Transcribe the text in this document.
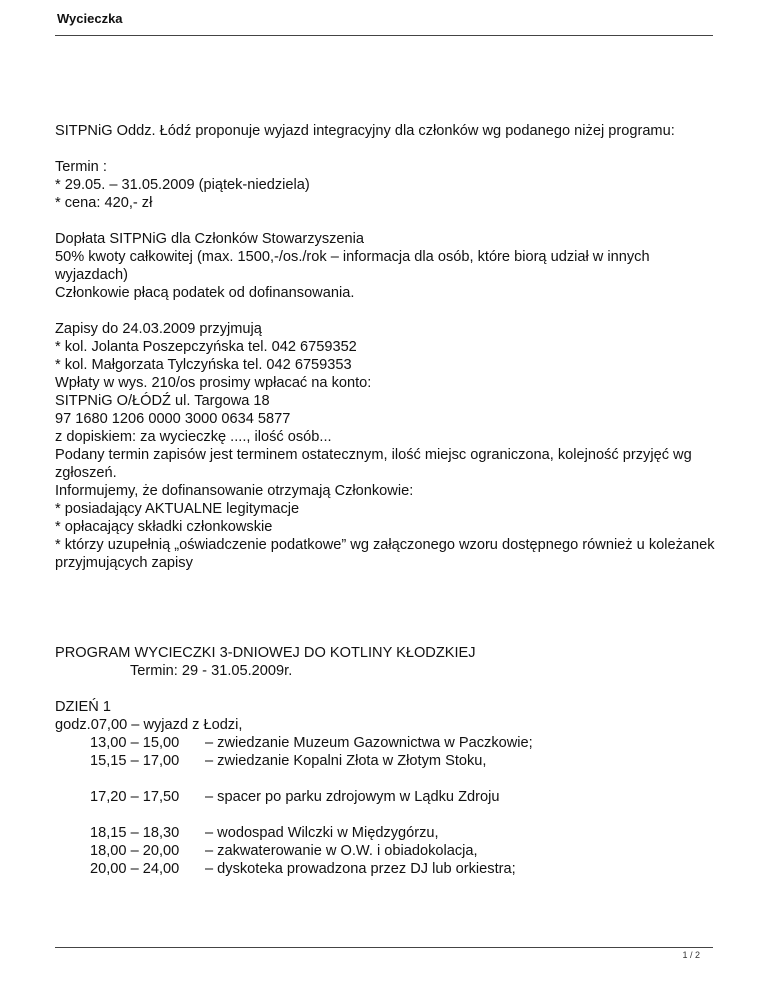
Wycieczka

SITPNiG Oddz. Łódź proponuje wyjazd integracyjny dla członków wg podanego niżej programu:

Termin :
* 29.05. – 31.05.2009 (piątek-niedziela)
* cena: 420,- zł
Dopłata SITPNiG dla Członków Stowarzyszenia
50% kwoty całkowitej (max. 1500,-/os./rok – informacja dla osób, które biorą udział w innych wyjazdach)
Członkowie płacą podatek od dofinansowania.
Zapisy do 24.03.2009 przyjmują
* kol. Jolanta Poszepczyńska tel. 042 6759352
* kol. Małgorzata Tylczyńska tel. 042 6759353
Wpłaty w wys. 210/os prosimy wpłacać na konto:
SITPNiG O/ŁÓDŹ ul. Targowa 18
97 1680 1206 0000 3000 0634 5877
z dopiskiem: za wycieczkę ...., ilość osób...
Podany termin zapisów jest terminem ostatecznym, ilość miejsc ograniczona, kolejność przyjęć wg zgłoszeń.
Informujemy, że dofinansowanie otrzymają Członkowie:
* posiadający AKTUALNE legitymacje
* opłacający składki członkowskie
* którzy uzupełnią „oświadczenie podatkowe” wg załączonego wzoru dostępnego również u koleżanek przyjmujących zapisy
PROGRAM WYCIECZKI 3-DNIOWEJ DO KOTLINY KŁODZKIEJ
Termin: 29 - 31.05.2009r.
DZIEŃ 1
godz.07,00 – wyjazd z Łodzi,
13,00 – 15,00	– zwiedzanie Muzeum Gazownictwa w Paczkowie;
15,15 – 17,00	– zwiedzanie Kopalni Złota w Złotym Stoku,
17,20 – 17,50	– spacer po parku zdrojowym w Lądku Zdroju
18,15 – 18,30	– wodospad Wilczki w Międzygórzu,
18,00 – 20,00	– zakwaterowanie w O.W. i obiadokolacja,
20,00 – 24,00	– dyskoteka prowadzona przez DJ lub orkiestra;
1 / 2
